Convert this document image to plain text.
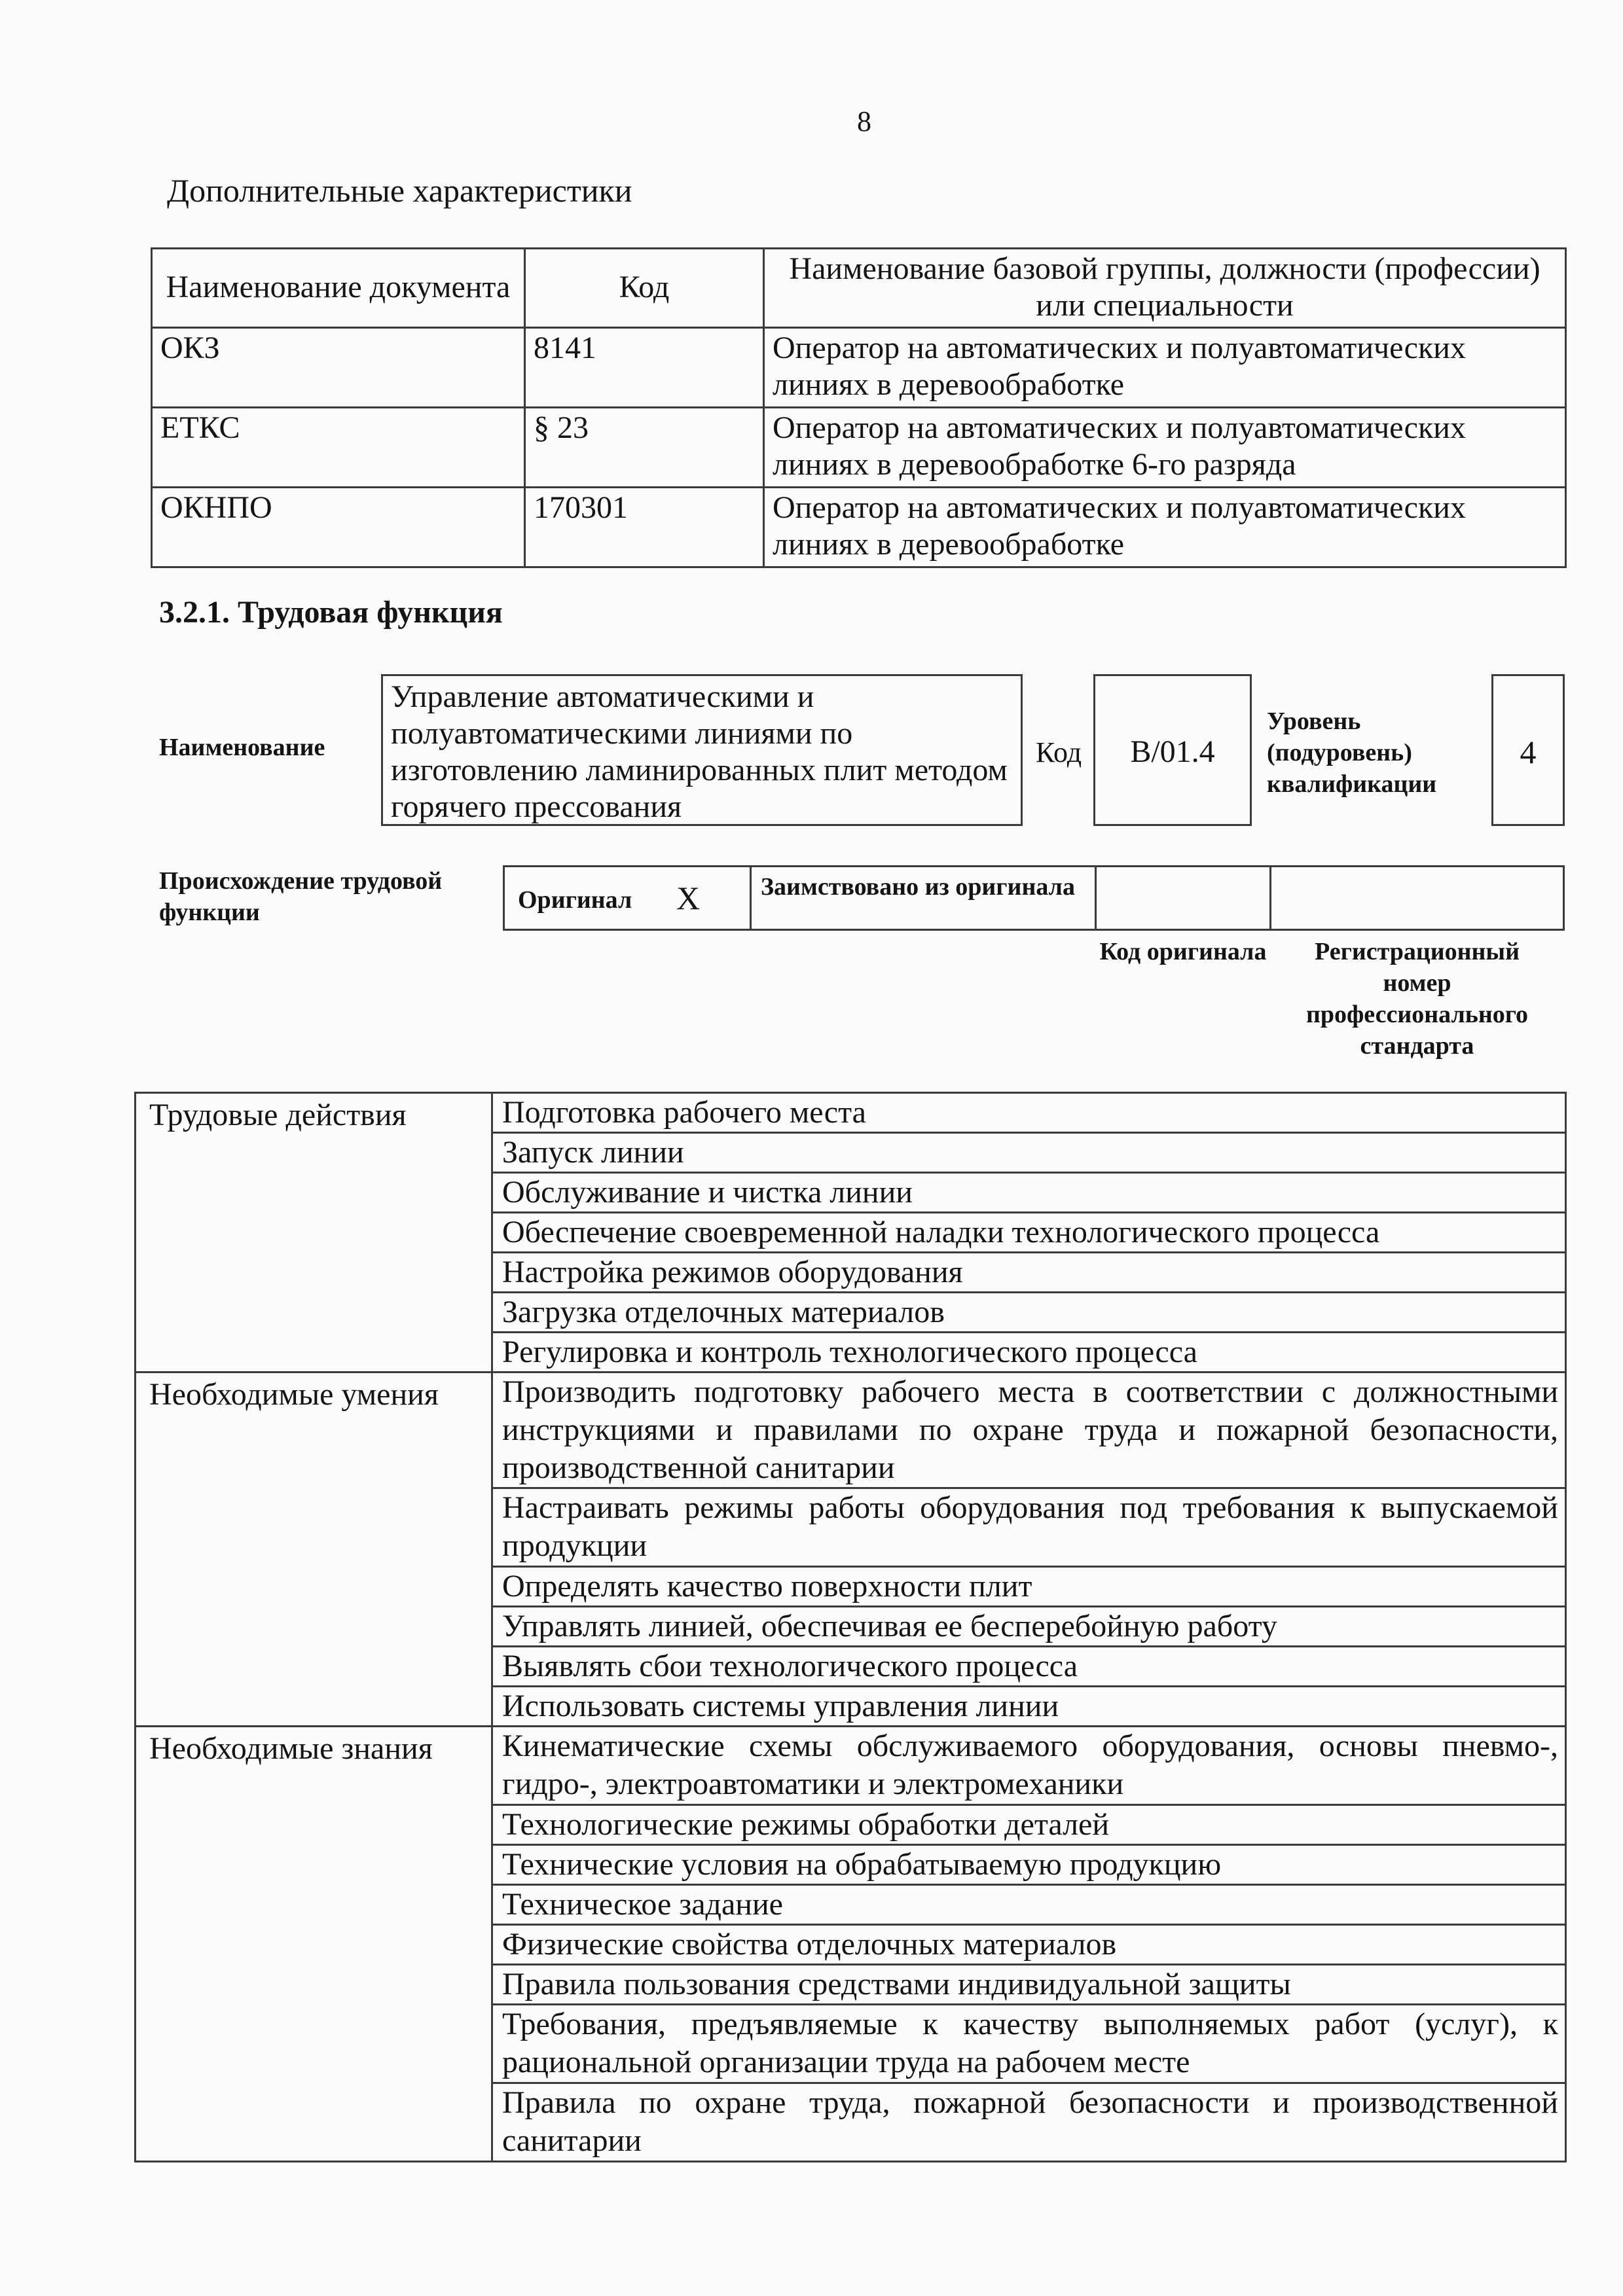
8
Дополнительные характеристики
Наименование документа	Код	Наименование базовой группы, должности (профессии) или специальности
ОКЗ	8141	Оператор на автоматических и полуавтоматических линиях в деревообработке
ЕТКС	§ 23	Оператор на автоматических и полуавтоматических линиях в деревообработке 6-го разряда
ОКНПО	170301	Оператор на автоматических и полуавтоматических линиях в деревообработке
3.2.1. Трудовая функция
Наименование
Управление автоматическими и полуавтоматическими линиями по изготовлению ламинированных плит методом горячего прессования
Код	B/01.4
Уровень (подуровень) квалификации
4
Происхождение трудовой функции	Оригинал X	Заимствовано из оригинала
Код оригинала	Регистрационный номер профессионального стандарта
Трудовые действия	Подготовка рабочего места
	Запуск линии
	Обслуживание и чистка линии
	Обеспечение своевременной наладки технологического процесса
	Настройка режимов оборудования
	Загрузка отделочных материалов
	Регулировка и контроль технологического процесса
Необходимые умения	Производить подготовку рабочего места в соответствии с должностными инструкциями и правилами по охране труда и пожарной безопасности, производственной санитарии
	Настраивать режимы работы оборудования под требования к выпускаемой продукции
	Определять качество поверхности плит
	Управлять линией, обеспечивая ее бесперебойную работу
	Выявлять сбои технологического процесса
	Использовать системы управления линии
Необходимые знания	Кинематические схемы обслуживаемого оборудования, основы пневмо-, гидро-, электроавтоматики и электромеханики
	Технологические режимы обработки деталей
	Технические условия на обрабатываемую продукцию
	Техническое задание
	Физические свойства отделочных материалов
	Правила пользования средствами индивидуальной защиты
	Требования, предъявляемые к качеству выполняемых работ (услуг), к рациональной организации труда на рабочем месте
	Правила по охране труда, пожарной безопасности и производственной санитарии
